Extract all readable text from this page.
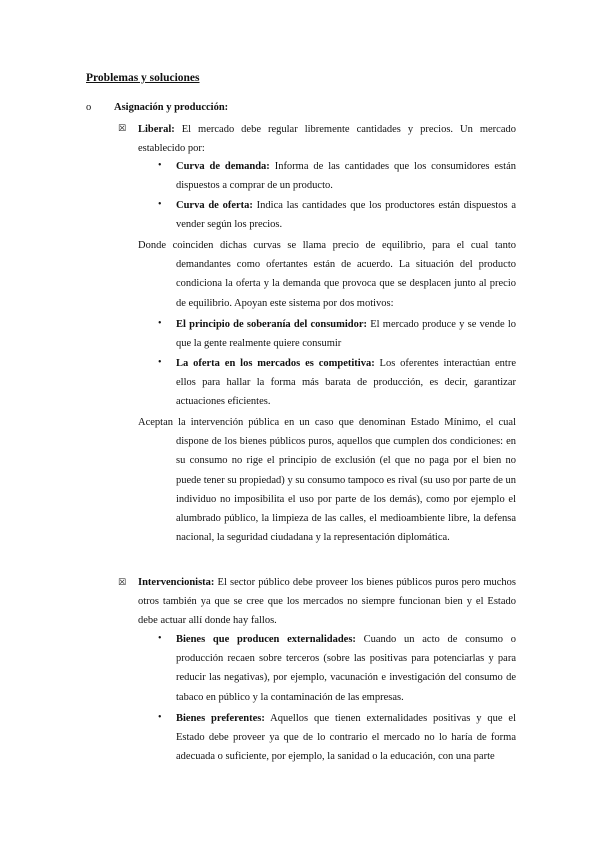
Problemas y soluciones
o Asignación y producción:
☒ Liberal: El mercado debe regular libremente cantidades y precios. Un mercado establecido por:

• Curva de demanda: Informa de las cantidades que los consumidores están dispuestos a comprar de un producto.

• Curva de oferta: Indica las cantidades que los productores están dispuestos a vender según los precios.

Donde coinciden dichas curvas se llama precio de equilibrio, para el cual tanto demandantes como ofertantes están de acuerdo. La situación del producto condiciona la oferta y la demanda que provoca que se desplacen junto al precio de equilibrio. Apoyan este sistema por dos motivos:

• El principio de soberanía del consumidor: El mercado produce y se vende lo que la gente realmente quiere consumir

• La oferta en los mercados es competitiva: Los oferentes interactúan entre ellos para hallar la forma más barata de producción, es decir, garantizar actuaciones eficientes.

Aceptan la intervención pública en un caso que denominan Estado Mínimo, el cual dispone de los bienes públicos puros, aquellos que cumplen dos condiciones: en su consumo no rige el principio de exclusión (el que no paga por el bien no puede tener su propiedad) y su consumo tampoco es rival (su uso por parte de un individuo no imposibilita el uso por parte de los demás), como por ejemplo el alumbrado público, la limpieza de las calles, el medioambiente libre, la defensa nacional, la seguridad ciudadana y la representación diplomática.

☒ Intervencionista: El sector público debe proveer los bienes públicos puros pero muchos otros también ya que se cree que los mercados no siempre funcionan bien y el Estado debe actuar allí donde hay fallos.

• Bienes que producen externalidades: Cuando un acto de consumo o producción recaen sobre terceros (sobre las positivas para potenciarlas y para reducir las negativas), por ejemplo, vacunación e investigación del consumo de tabaco en público y la contaminación de las empresas.

• Bienes preferentes: Aquellos que tienen externalidades positivas y que el Estado debe proveer ya que de lo contrario el mercado no lo haría de forma adecuada o suficiente, por ejemplo, la sanidad o la educación, con una parte
